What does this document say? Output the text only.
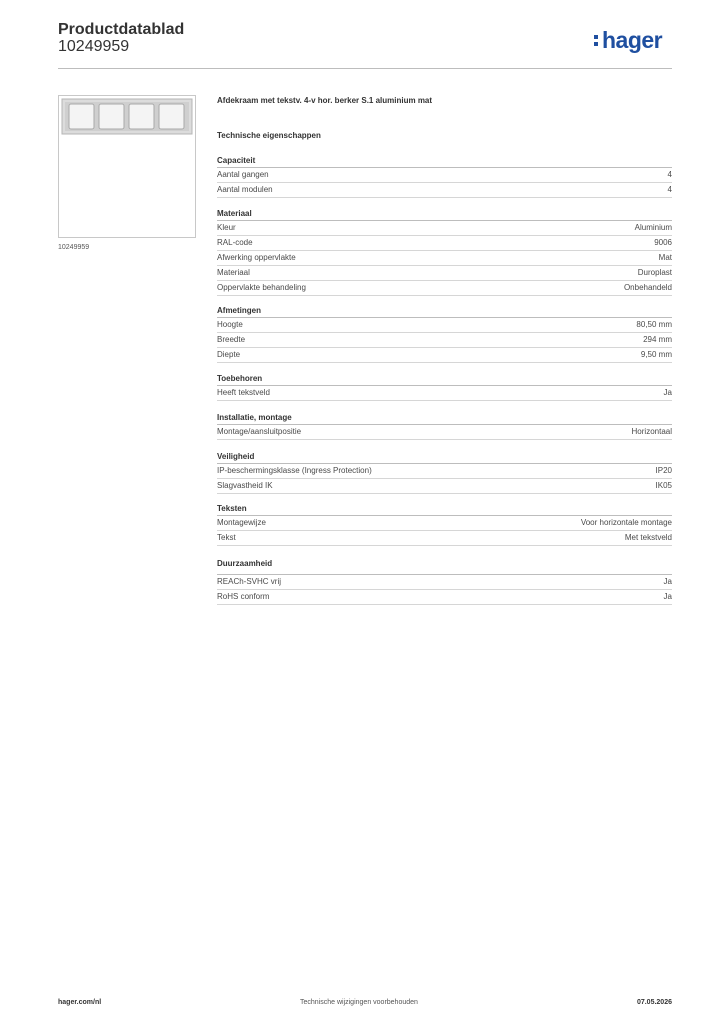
Productdatablad
10249959	hager
10249959
Afdekraam met tekstv. 4-v hor. berker S.1 aluminium mat
Technische eigenschappen
Capaciteit
Aantal gangen	4
Aantal modulen	4
Materiaal
Kleur	Aluminium
RAL-code	9006
Afwerking oppervlakte	Mat
Materiaal	Duroplast
Oppervlakte behandeling	Onbehandeld
Afmetingen
Hoogte	80,50 mm
Breedte	294 mm
Diepte	9,50 mm
Toebehoren
Heeft tekstveld	Ja
Installatie, montage
Montage/aansluitpositie	Horizontaal
Veiligheid
IP-beschermingsklasse (Ingress Protection)	IP20
Slagvastheid IK	IK05
Teksten
Montagewijze	Voor horizontale montage
Tekst	Met tekstveld
Duurzaamheid
REACh-SVHC vrij	Ja
RoHS conform	Ja
hager.com/nl	Technische wijzigingen voorbehouden	07.05.2026
